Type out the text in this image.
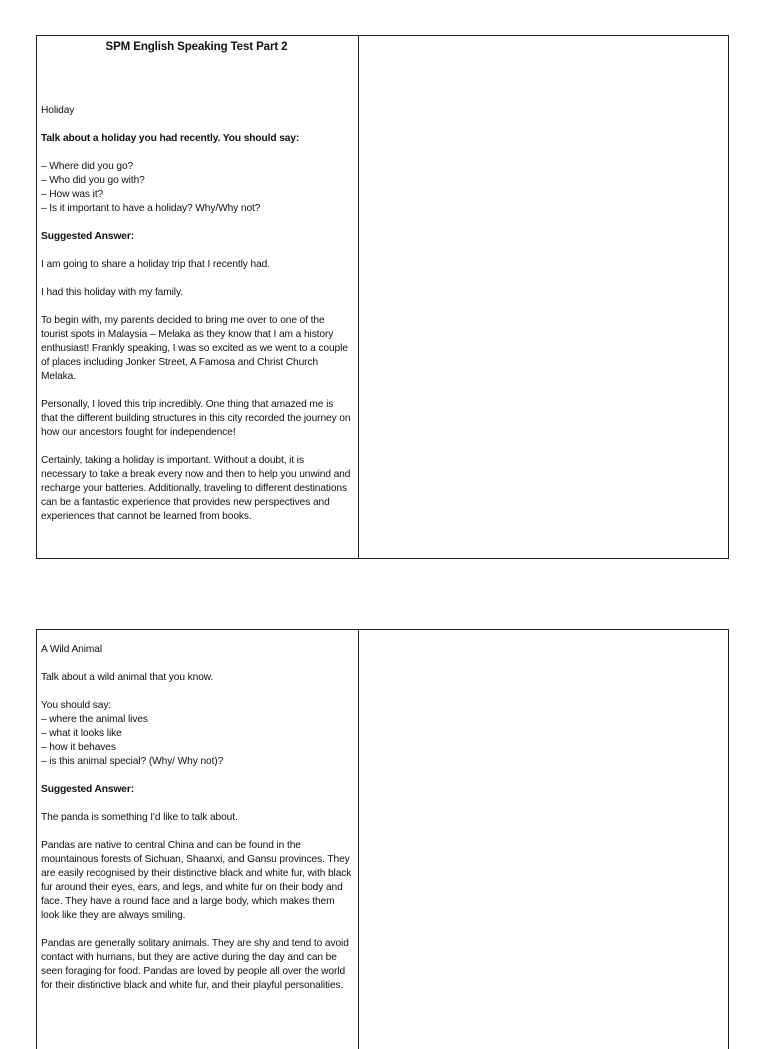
SPM English Speaking Test Part 2

Holiday

Talk about a holiday you had recently. You should say:

– Where did you go?
– Who did you go with?
– How was it?
– Is it important to have a holiday? Why/Why not?

Suggested Answer:

I am going to share a holiday trip that I recently had.

I had this holiday with my family.

To begin with, my parents decided to bring me over to one of the tourist spots in Malaysia – Melaka as they know that I am a history enthusiast! Frankly speaking, I was so excited as we went to a couple of places including Jonker Street, A Famosa and Christ Church Melaka.

Personally, I loved this trip incredibly. One thing that amazed me is that the different building structures in this city recorded the journey on how our ancestors fought for independence!

Certainly, taking a holiday is important. Without a doubt, it is necessary to take a break every now and then to help you unwind and recharge your batteries. Additionally, traveling to different destinations can be a fantastic experience that provides new perspectives and experiences that cannot be learned from books.

A Wild Animal

Talk about a wild animal that you know.

You should say:
– where the animal lives
– what it looks like
– how it behaves
– is this animal special? (Why/ Why not)?

Suggested Answer:

The panda is something I'd like to talk about.

Pandas are native to central China and can be found in the mountainous forests of Sichuan, Shaanxi, and Gansu provinces. They are easily recognised by their distinctive black and white fur, with black fur around their eyes, ears, and legs, and white fur on their body and face. They have a round face and a large body, which makes them look like they are always smiling.

Pandas are generally solitary animals. They are shy and tend to avoid contact with humans, but they are active during the day and can be seen foraging for food. Pandas are loved by people all over the world for their distinctive black and white fur, and their playful personalities.
